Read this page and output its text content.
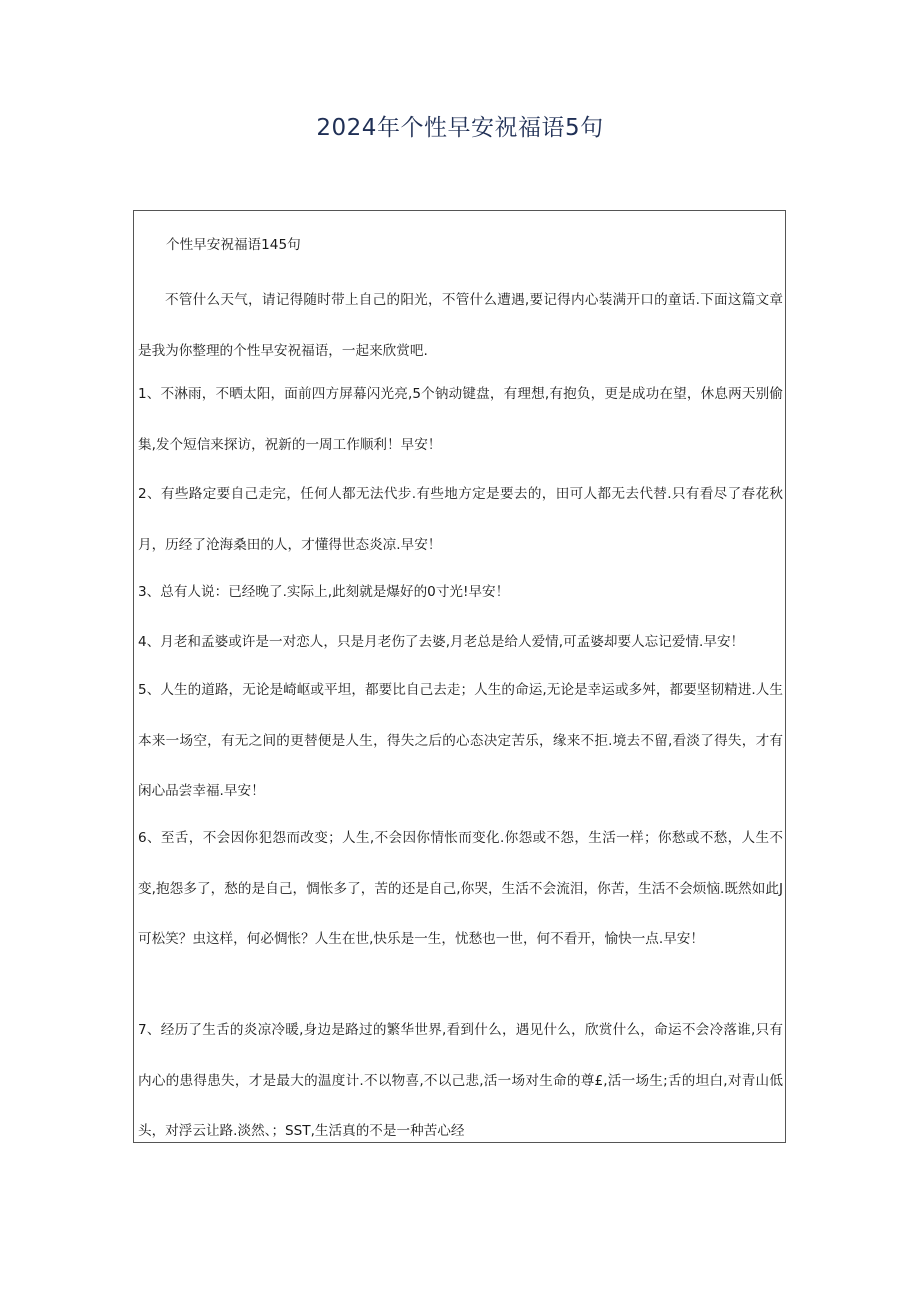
2024年个性早安祝福语5句

个性早安祝福语145句

不管什么天气，请记得随时带上自己的阳光，不管什么遭遇,要记得内心装满开口的童话.下面这篇文章是我为你整理的个性早安祝福语，一起来欣赏吧.

1、不淋雨，不晒太阳，面前四方屏幕闪光亮,5个钠动键盘，有理想,有抱负，更是成功在望，休息两天别偷集,发个短信来探访，祝新的一周工作顺利！早安！

2、有些路定要自己走完，任何人都无法代步.有些地方定是要去的，田可人都无去代替.只有看尽了春花秋月，历经了沧海桑田的人，才懂得世态炎凉.早安！

3、总有人说：已经晚了.实际上,此刻就是爆好的0寸光!早安！

4、月老和孟婆或许是一对恋人，只是月老伤了去婆,月老总是给人爱情,可孟婆却要人忘记爱情.早安！

5、人生的道路，无论是崎岖或平坦，都要比自己去走；人生的命运,无论是幸运或多舛，都要坚韧精进.人生本来一场空，有无之间的更替便是人生，得失之后的心态决定苦乐，缘来不拒.境去不留,看淡了得失，才有闲心品尝幸福.早安！

6、至舌，不会因你犯怨而改变；人生,不会因你情怅而变化.你怨或不怨，生活一样；你愁或不愁，人生不变,抱怨多了，愁的是自己，惆怅多了，苦的还是自己,你哭，生活不会流泪，你苦，生活不会烦恼.既然如此J可松笑？虫这样，何必惆怅？人生在世,快乐是一生，忧愁也一世，何不看开，愉快一点.早安！

7、经历了生舌的炎凉冷暖,身边是路过的繁华世界,看到什么，遇见什么，欣赏什么，命运不会冷落谁,只有内心的患得患失，才是最大的温度计.不以物喜,不以己悲,活一场对生命的尊£,活一场生;舌的坦白,对青山低头，对浮云让路.淡然、；SST,生活真的不是一种苦心经
